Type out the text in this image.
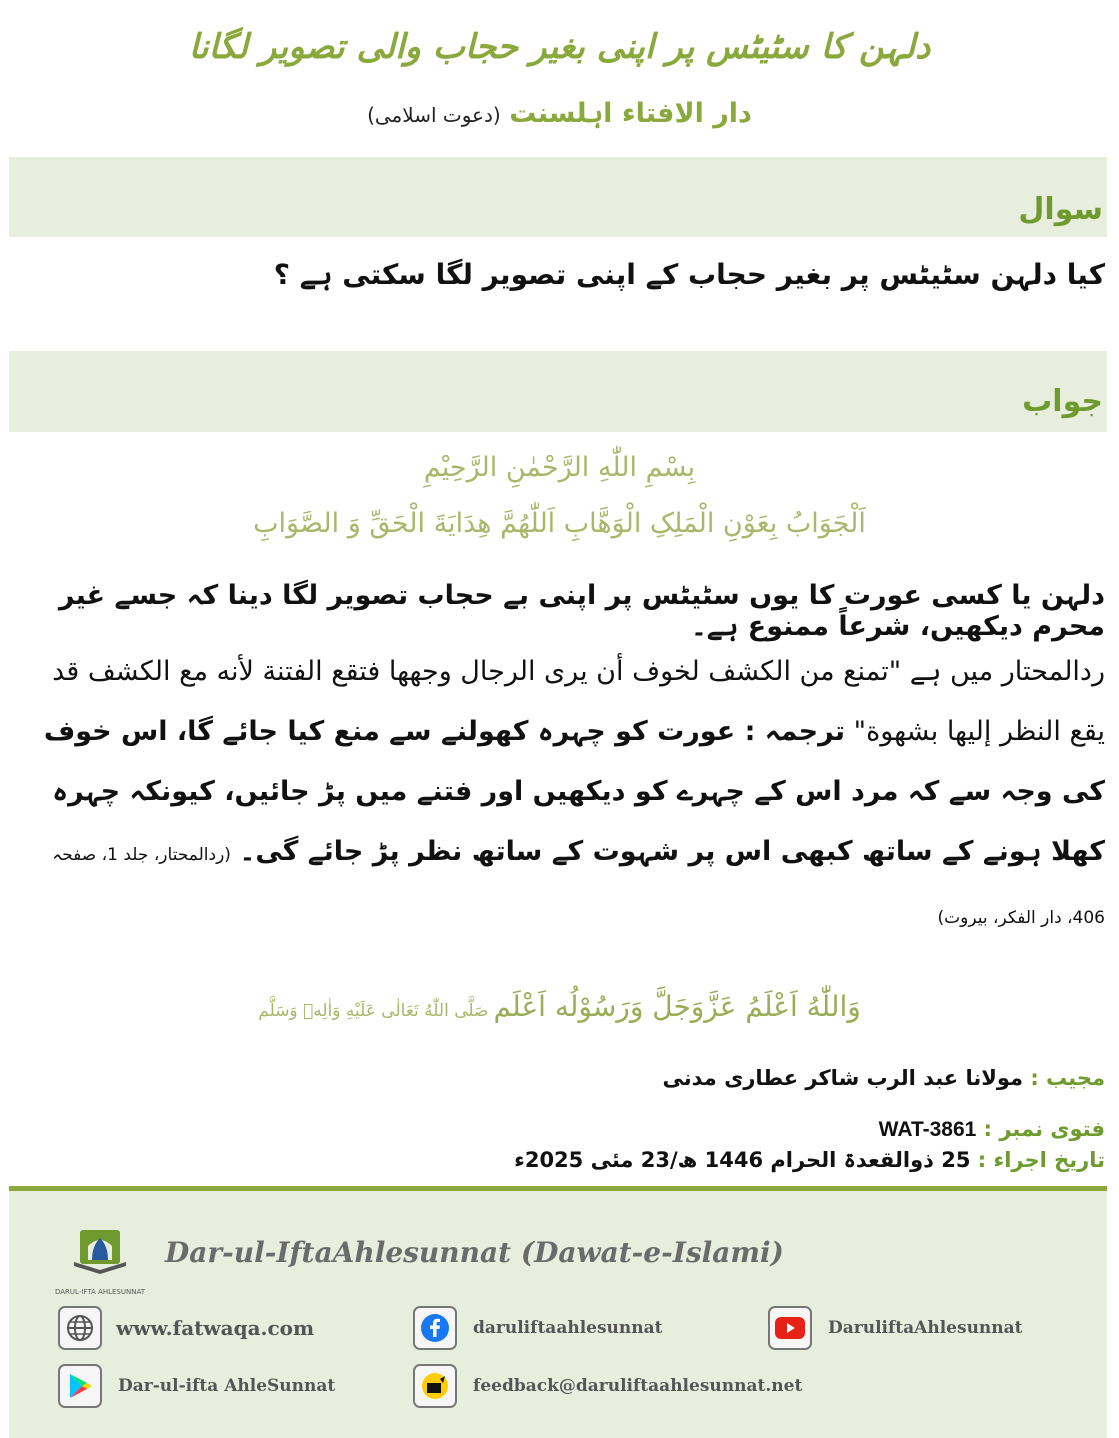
دلہن کا سٹیٹس پر اپنی بغیر حجاب والی تصویر لگانا
دار الافتاء اہلسنت (دعوت اسلامی)
سوال
کیا دلہن سٹیٹس پر بغیر حجاب کے اپنی تصویر لگا سکتی ہے ؟
جواب
بِسْمِ اللّٰهِ الرَّحْمٰنِ الرَّحِیْمِ
اَلْجَوَابُ بِعَوْنِ الْمَلِکِ الْوَهَّابِ اَللّٰهُمَّ هِدَایَةَ الْحَقِّ وَ الصَّوَابِ
دلہن یا کسی عورت کا یوں سٹیٹس پر اپنی بے حجاب تصویر لگا دینا کہ جسے غیر محرم دیکھیں، شرعاً ممنوع ہے۔
ردالمحتار میں ہے "تمنع من الکشف لخوف أن یری الرجال وجهها فتقع الفتنة لأنه مع الکشف قد یقع النظر إلیها بشهوة" ترجمہ : عورت کو چہرہ کھولنے سے منع کیا جائے گا، اس خوف کی وجہ سے کہ مرد اس کے چہرے کو دیکھیں اور فتنے میں پڑ جائیں، کیونکہ چہرہ کھلا ہونے کے ساتھ کبھی اس پر شہوت کے ساتھ نظر پڑ جائے گی۔ (ردالمحتار، جلد 1، صفحہ 406، دار الفکر، بیروت)
وَاللّٰهُ اَعْلَمُ عَزَّوَجَلَّ وَرَسُوْلُه اَعْلَم صَلَّی اللّٰهُ تَعَالٰی عَلَیْهِ وَاٰلِهٖ وَسَلَّم
مجیب : مولانا عبد الرب شاکر عطاری مدنی
فتوی نمبر : WAT-3861
تاریخ اجراء : 25 ذوالقعدۃ الحرام 1446 ھ/23 مئی 2025ء
DARUL-IFTA AHLESUNNAT
Dar-ul-IftaAhlesunnat (Dawat-e-Islami)
www.fatwaqa.com	daruliftaahlesunnat	DaruliftaAhlesunnat
Dar-ul-ifta AhleSunnat	feedback@daruliftaahlesunnat.net
